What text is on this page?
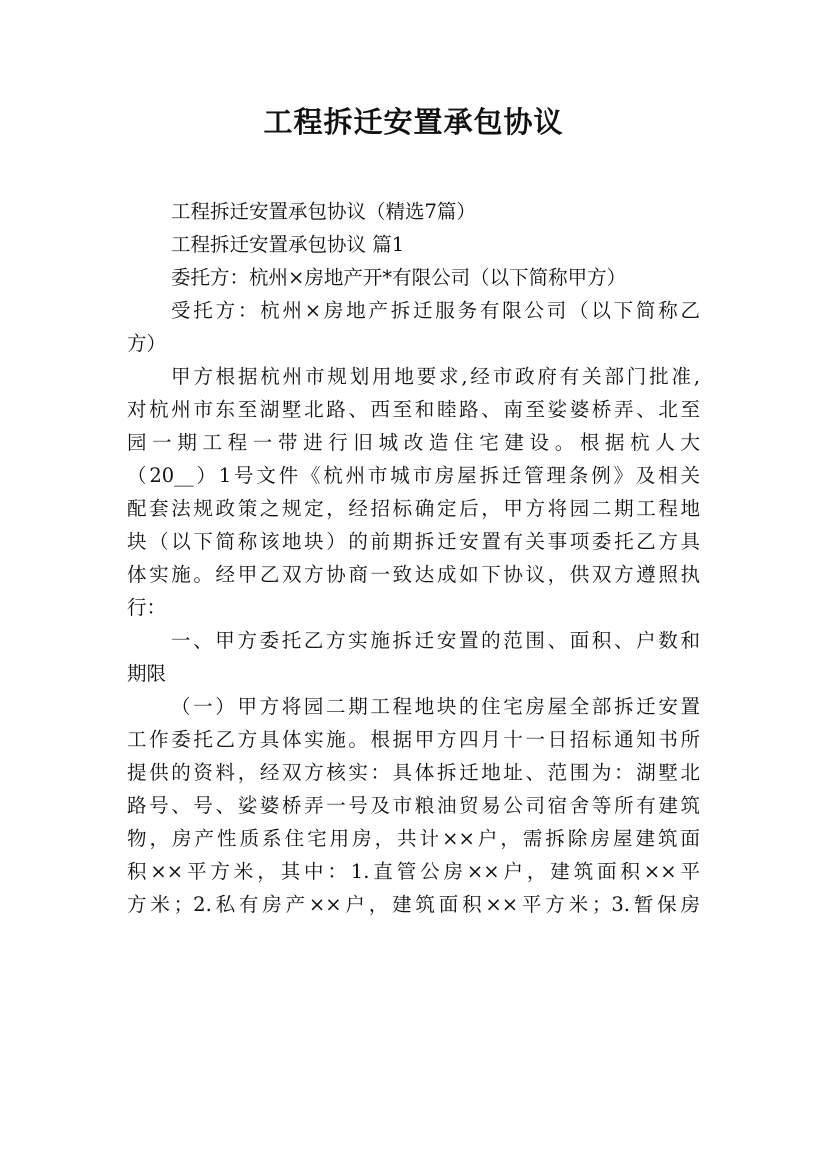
工程拆迁安置承包协议
工程拆迁安置承包协议（精选7篇）
工程拆迁安置承包协议 篇1
委托方：杭州×房地产开*有限公司（以下简称甲方）
受托方：杭州×房地产拆迁服务有限公司（以下简称乙
方）
甲方根据杭州市规划用地要求,经市政府有关部门批准,
对杭州市东至湖墅北路、西至和睦路、南至娑婆桥弄、北至
园一期工程一带进行旧城改造住宅建设。根据杭人大
（20__）1号文件《杭州市城市房屋拆迁管理条例》及相关
配套法规政策之规定，经招标确定后，甲方将园二期工程地
块（以下简称该地块）的前期拆迁安置有关事项委托乙方具
体实施。经甲乙双方协商一致达成如下协议，供双方遵照执
行：
一、甲方委托乙方实施拆迁安置的范围、面积、户数和
期限
（一）甲方将园二期工程地块的住宅房屋全部拆迁安置
工作委托乙方具体实施。根据甲方四月十一日招标通知书所
提供的资料，经双方核实：具体拆迁地址、范围为：湖墅北
路号、号、娑婆桥弄一号及市粮油贸易公司宿舍等所有建筑
物，房产性质系住宅用房，共计××户，需拆除房屋建筑面
积××平方米，其中：1.直管公房××户，建筑面积××平
方米；2.私有房产××户，建筑面积××平方米；3.暂保房
